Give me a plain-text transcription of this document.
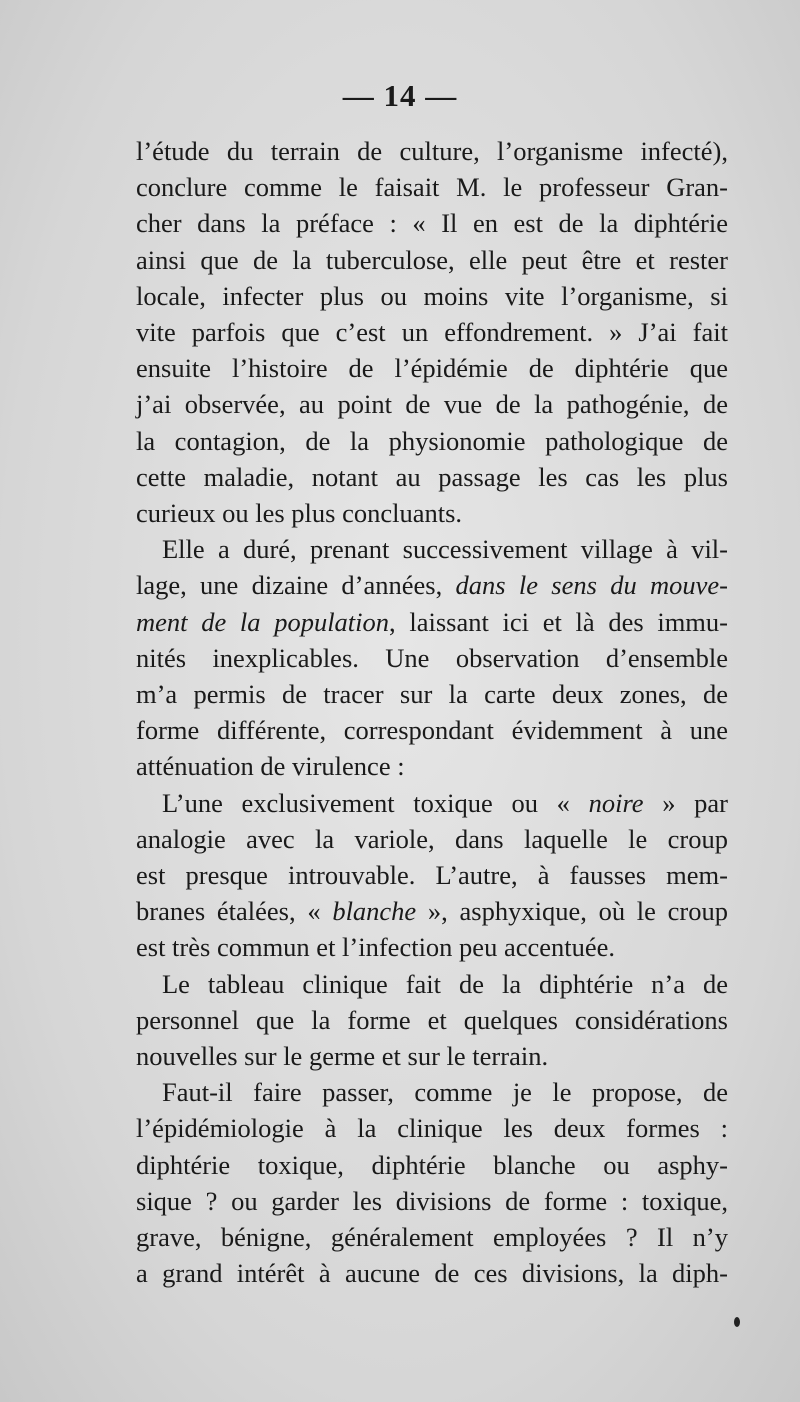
— 14 —
l’étude du terrain de culture, l’organisme infecté),
conclure comme le faisait M. le professeur Gran-
cher dans la préface : « Il en est de la diphtérie
ainsi que de la tuberculose, elle peut être et rester
locale, infecter plus ou moins vite l’organisme, si
vite parfois que c’est un effondrement. » J’ai fait
ensuite l’histoire de l’épidémie de diphtérie que
j’ai observée, au point de vue de la pathogénie, de
la contagion, de la physionomie pathologique de
cette maladie, notant au passage les cas les plus
curieux ou les plus concluants.
Elle a duré, prenant successivement village à vil-
lage, une dizaine d’années, dans le sens du mouve-
ment de la population, laissant ici et là des immu-
nités inexplicables. Une observation d’ensemble
m’a permis de tracer sur la carte deux zones, de
forme différente, correspondant évidemment à une
atténuation de virulence :
L’une exclusivement toxique ou « noire » par
analogie avec la variole, dans laquelle le croup
est presque introuvable. L’autre, à fausses mem-
branes étalées, « blanche », asphyxique, où le croup
est très commun et l’infection peu accentuée.
Le tableau clinique fait de la diphtérie n’a de
personnel que la forme et quelques considérations
nouvelles sur le germe et sur le terrain.
Faut-il faire passer, comme je le propose, de
l’épidémiologie à la clinique les deux formes :
diphtérie toxique, diphtérie blanche ou asphy-
sique ? ou garder les divisions de forme : toxique,
grave, bénigne, généralement employées ? Il n’y
a grand intérêt à aucune de ces divisions, la diph-
